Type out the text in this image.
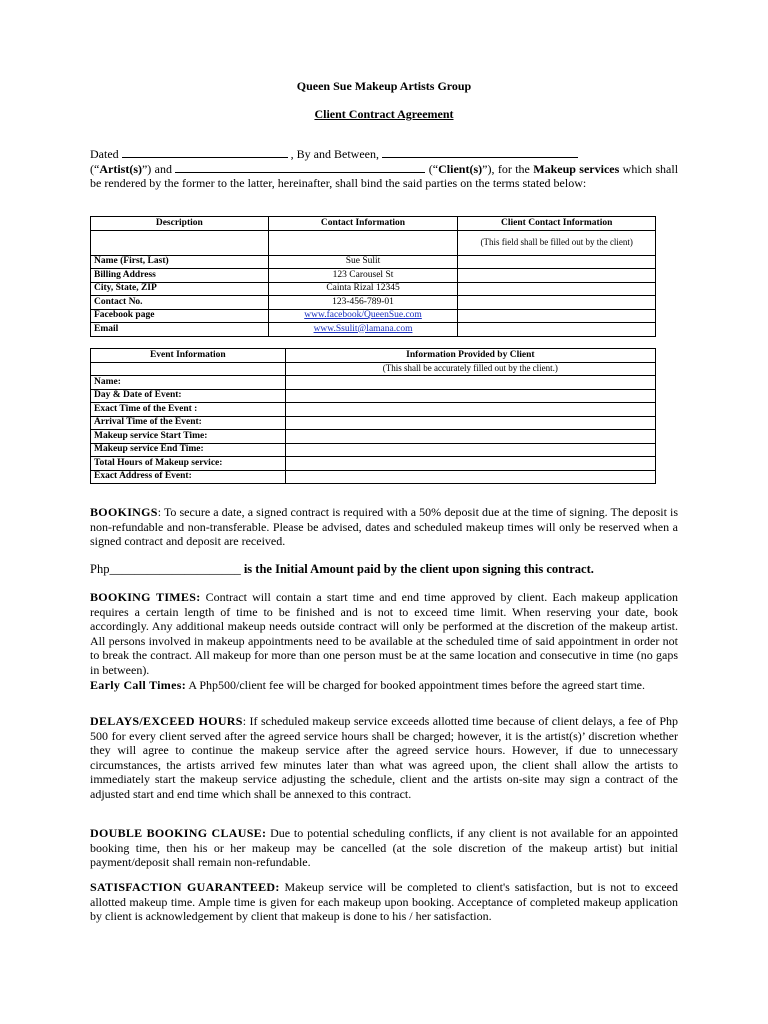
Queen Sue Makeup Artists Group
Client Contract Agreement
Dated	, By and Between,
(“Artist(s)”) and	(“Client(s)”), for the Makeup services which shall be rendered by the former to the latter, hereinafter, shall bind the said parties on the terms stated below:
Description	Contact Information	Client Contact Information
		(This field shall be filled out by the client)
Name (First, Last)	Sue Sulit	
Billing Address	123 Carousel St	
City, State, ZIP	Cainta Rizal 12345	
Contact No.	123-456-789-01	
Facebook page	www.facebook/QueenSue.com	
Email	www.Ssulit@lamana.com	
Event Information	Information Provided by Client
	(This shall be accurately filled out by the client.)
Name:	
Day & Date of Event:	
Exact Time of the Event :	
Arrival Time of the Event:	
Makeup service Start Time:	
Makeup service End Time:	
Total Hours of Makeup service:	
Exact Address of Event:	
BOOKINGS: To secure a date, a signed contract is required with a 50% deposit due at the time of signing. The deposit is non-refundable and non-transferable. Please be advised, dates and scheduled makeup times will only be reserved when a signed contract and deposit are received.
Php_____________________ is the Initial Amount paid by the client upon signing this contract.
BOOKING TIMES: Contract will contain a start time and end time approved by client. Each makeup application requires a certain length of time to be finished and is not to exceed time limit. When reserving your date, book accordingly. Any additional makeup needs outside contract will only be performed at the discretion of the makeup artist. All persons involved in makeup appointments need to be available at the scheduled time of said appointment in order not to break the contract. All makeup for more than one person must be at the same location and consecutive in time (no gaps in between).
Early Call Times: A Php500/client fee will be charged for booked appointment times before the agreed start time.
DELAYS/EXCEED HOURS: If scheduled makeup service exceeds allotted time because of client delays, a fee of Php 500 for every client served after the agreed service hours shall be charged; however, it is the artist(s)’ discretion whether they will agree to continue the makeup service after the agreed service hours. However, if due to unnecessary circumstances, the artists arrived few minutes later than what was agreed upon, the client shall allow the artists to immediately start the makeup service adjusting the schedule, client and the artists on-site may sign a contract of the adjusted start and end time which shall be annexed to this contract.
DOUBLE BOOKING CLAUSE: Due to potential scheduling conflicts, if any client is not available for an appointed booking time, then his or her makeup may be cancelled (at the sole discretion of the makeup artist) but initial payment/deposit shall remain non-refundable.
SATISFACTION GUARANTEED: Makeup service will be completed to client's satisfaction, but is not to exceed allotted makeup time. Ample time is given for each makeup upon booking. Acceptance of completed makeup application by client is acknowledgement by client that makeup is done to his / her satisfaction.
